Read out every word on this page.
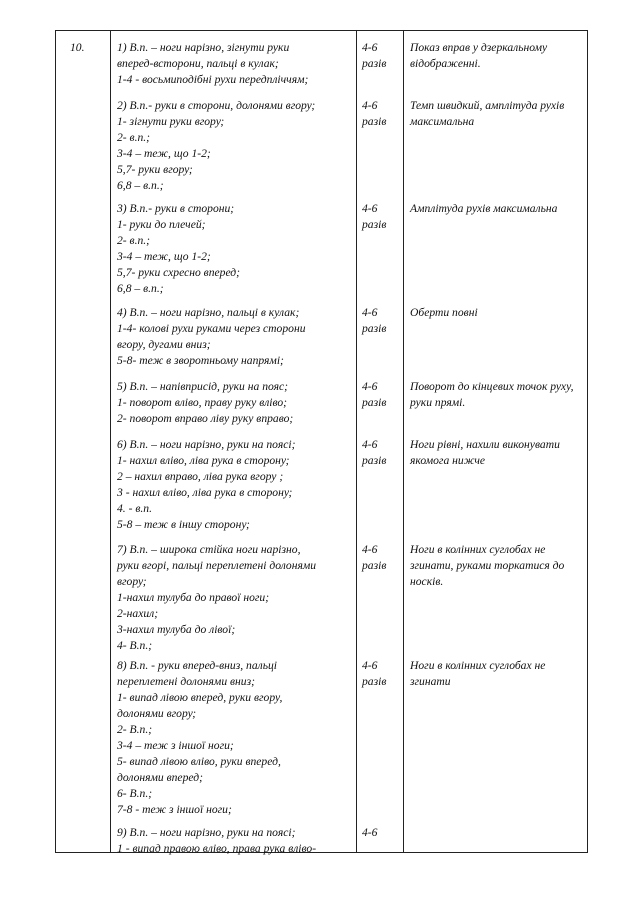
10.	1) В.п. – ноги нарізно, зігнути руки
вперед-всторони, пальці в кулак;
1-4 - восьмиподібні рухи передпліччям;
4-6
разів
Показ вправ у дзеркальному
відображенні.
2) В.п.- руки в сторони, долонями вгору;
1- зігнути руки вгору;
2- в.п.;
3-4 – теж, що 1-2;
5,7- руки вгору;
6,8 – в.п.;
4-6
разів
Темп швидкий, амплітуда рухів
максимальна
3) В.п.- руки в сторони;
1- руки до плечей;
2- в.п.;
3-4 – теж, що 1-2;
5,7- руки схресно вперед;
6,8 – в.п.;
4-6
разів
Амплітуда рухів максимальна
4) В.п. – ноги нарізно, пальці в кулак;
1-4- колові рухи руками через сторони
вгору, дугами вниз;
5-8- теж в зворотньому напрямі;
4-6
разів
Оберти повні
5) В.п. – напівприсід, руки на пояс;
1- поворот вліво, праву руку вліво;
2- поворот вправо ліву руку вправо;
4-6
разів
Поворот до кінцевих точок руху,
руки прямі.
6) В.п. – ноги нарізно, руки на поясі;
1- нахил вліво, ліва рука в сторону;
2 – нахил вправо, ліва рука вгору ;
3 - нахил вліво, ліва рука в сторону;
4. - в.п.
5-8 – теж в іншу сторону;
4-6
разів
Ноги рівні, нахили виконувати
якомога нижче
7) В.п. – широка стійка ноги нарізно,
руки вгорі, пальці переплетені долонями
вгору;
1-нахил тулуба до правої ноги;
2-нахил;
3-нахил тулуба до лівої;
4- В.п.;
4-6
разів
Ноги в колінних суглобах не
згинати, руками торкатися до
носків.
8) В.п. - руки вперед-вниз, пальці
переплетені долонями вниз;
1- випад лівою вперед, руки вгору,
долонями вгору;
2- В.п.;
3-4 – теж з іншої ноги;
5- випад лівою вліво, руки вперед,
долонями вперед;
6- В.п.;
7-8 - теж з іншої ноги;
4-6
разів
Ноги в колінних суглобах не
згинати
9) В.п. – ноги нарізно, руки на поясі;
1 - випад правою вліво, права рука вліво-
4-6
